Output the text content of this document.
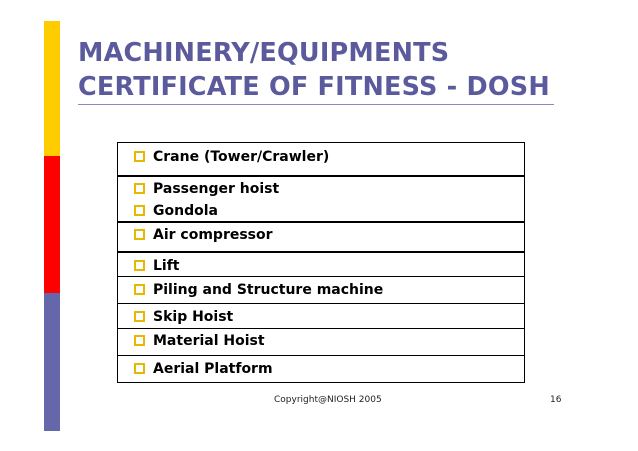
MACHINERY/EQUIPMENTS
CERTIFICATE OF FITNESS - DOSH
Crane (Tower/Crawler)
Passenger hoist
Gondola
Air compressor
Lift
Piling and Structure machine
Skip Hoist
Material Hoist
Aerial Platform
Copyright@NIOSH 2005	16
